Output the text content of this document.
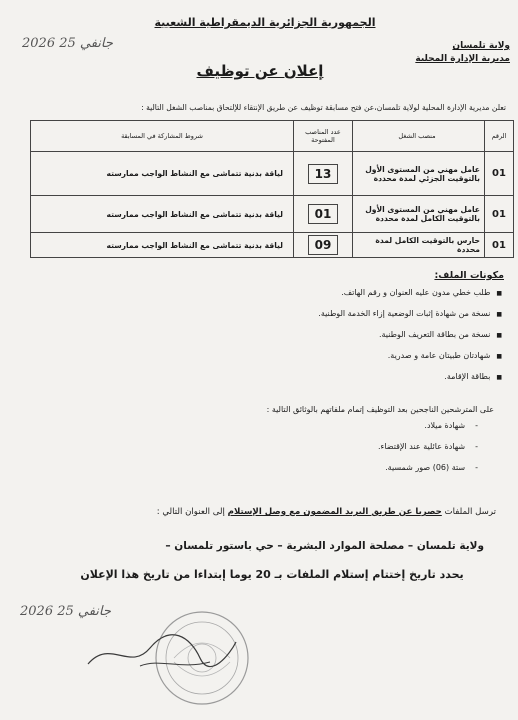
الجمهورية الجزائرية الديمقراطية الشعبية
2026 جانفي 25	ولاية تلمسان
مديرية الإدارة المحلية
إعلان عن توظيف
تعلن مديرية الإدارة المحلية لولاية تلمسان،عن فتح مسابقة توظيف عن طريق الإنتقاء للإلتحاق بمناصب الشغل التالية :
الرقم	منصب الشغل	عدد المناصب المفتوحة	شروط المشاركة في المسابقة
01	عامل مهني من المستوى الأول بالتوقيت الجزئي لمدة محددة	13	لياقة بدنية تتماشى مع النشاط الواجب ممارسته
01	عامل مهني من المستوى الأول بالتوقيت الكامل لمدة محددة	01	لياقة بدنية تتماشى مع النشاط الواجب ممارسته
01	حارس بالتوقيت الكامل لمدة محددة	09	لياقة بدنية تتماشى مع النشاط الواجب ممارسته
مكونات الملف:
■ طلب خطي مدون عليه العنوان و رقم الهاتف.
■ نسخة من شهادة إثبات الوضعية إزاء الخدمة الوطنية.
■ نسخة من بطاقة التعريف الوطنية.
■ شهادتان طبيتان عامة و صدرية.
■ بطاقة الإقامة.
على المترشحين الناجحين بعد التوظيف إتمام ملفاتهم بالوثائق التالية :
- شهادة ميلاد.
- شهادة عائلية عند الإقتضاء.
- ستة (06) صور شمسية.
ترسل الملفات حصريا عن طريق البريد المضمون مع وصل الإستلام إلى العنوان التالي :
ولاية تلمسان – مصلحة الموارد البشرية – حي باستور تلمسان –
يحدد تاريخ إختتام إستلام الملفات بـ 20 يوما إبتداءا من تاريخ هذا الإعلان
2026 جانفي 25
